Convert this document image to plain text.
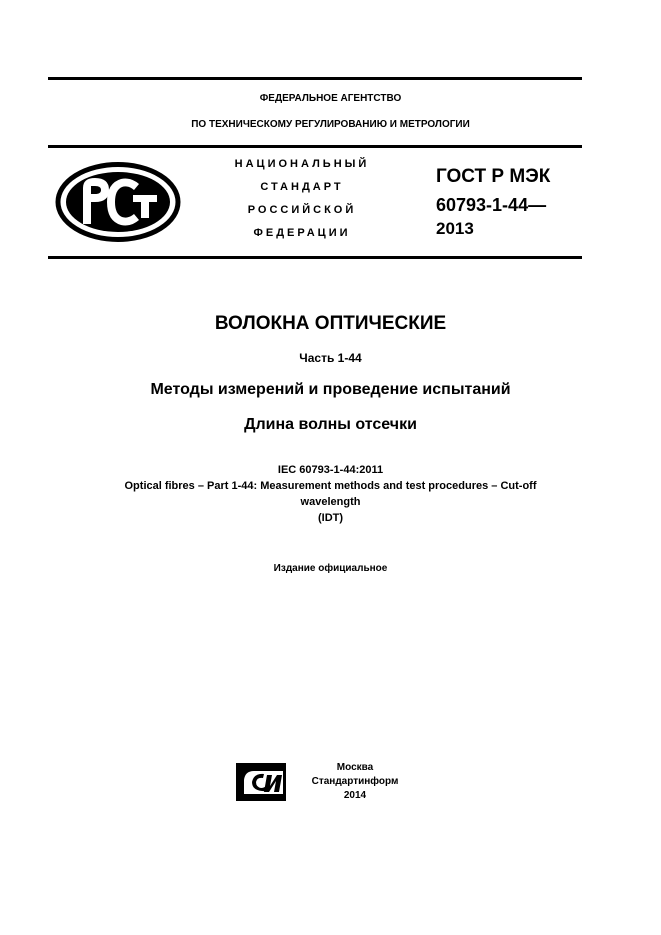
ФЕДЕРАЛЬНОЕ АГЕНТСТВО
ПО ТЕХНИЧЕСКОМУ РЕГУЛИРОВАНИЮ И МЕТРОЛОГИИ
НАЦИОНАЛЬНЫЙ
СТАНДАРТ
РОССИЙСКОЙ
ФЕДЕРАЦИИ
ГОСТ Р МЭК
60793-1-44—
2013
ВОЛОКНА ОПТИЧЕСКИЕ
Часть 1-44
Методы измерений и проведение испытаний
Длина волны отсечки
IEC 60793-1-44:2011
Optical fibres – Part 1-44: Measurement methods and test procedures – Cut-off
wavelength
(IDT)
Издание официальное
Москва
Стандартинформ
2014
